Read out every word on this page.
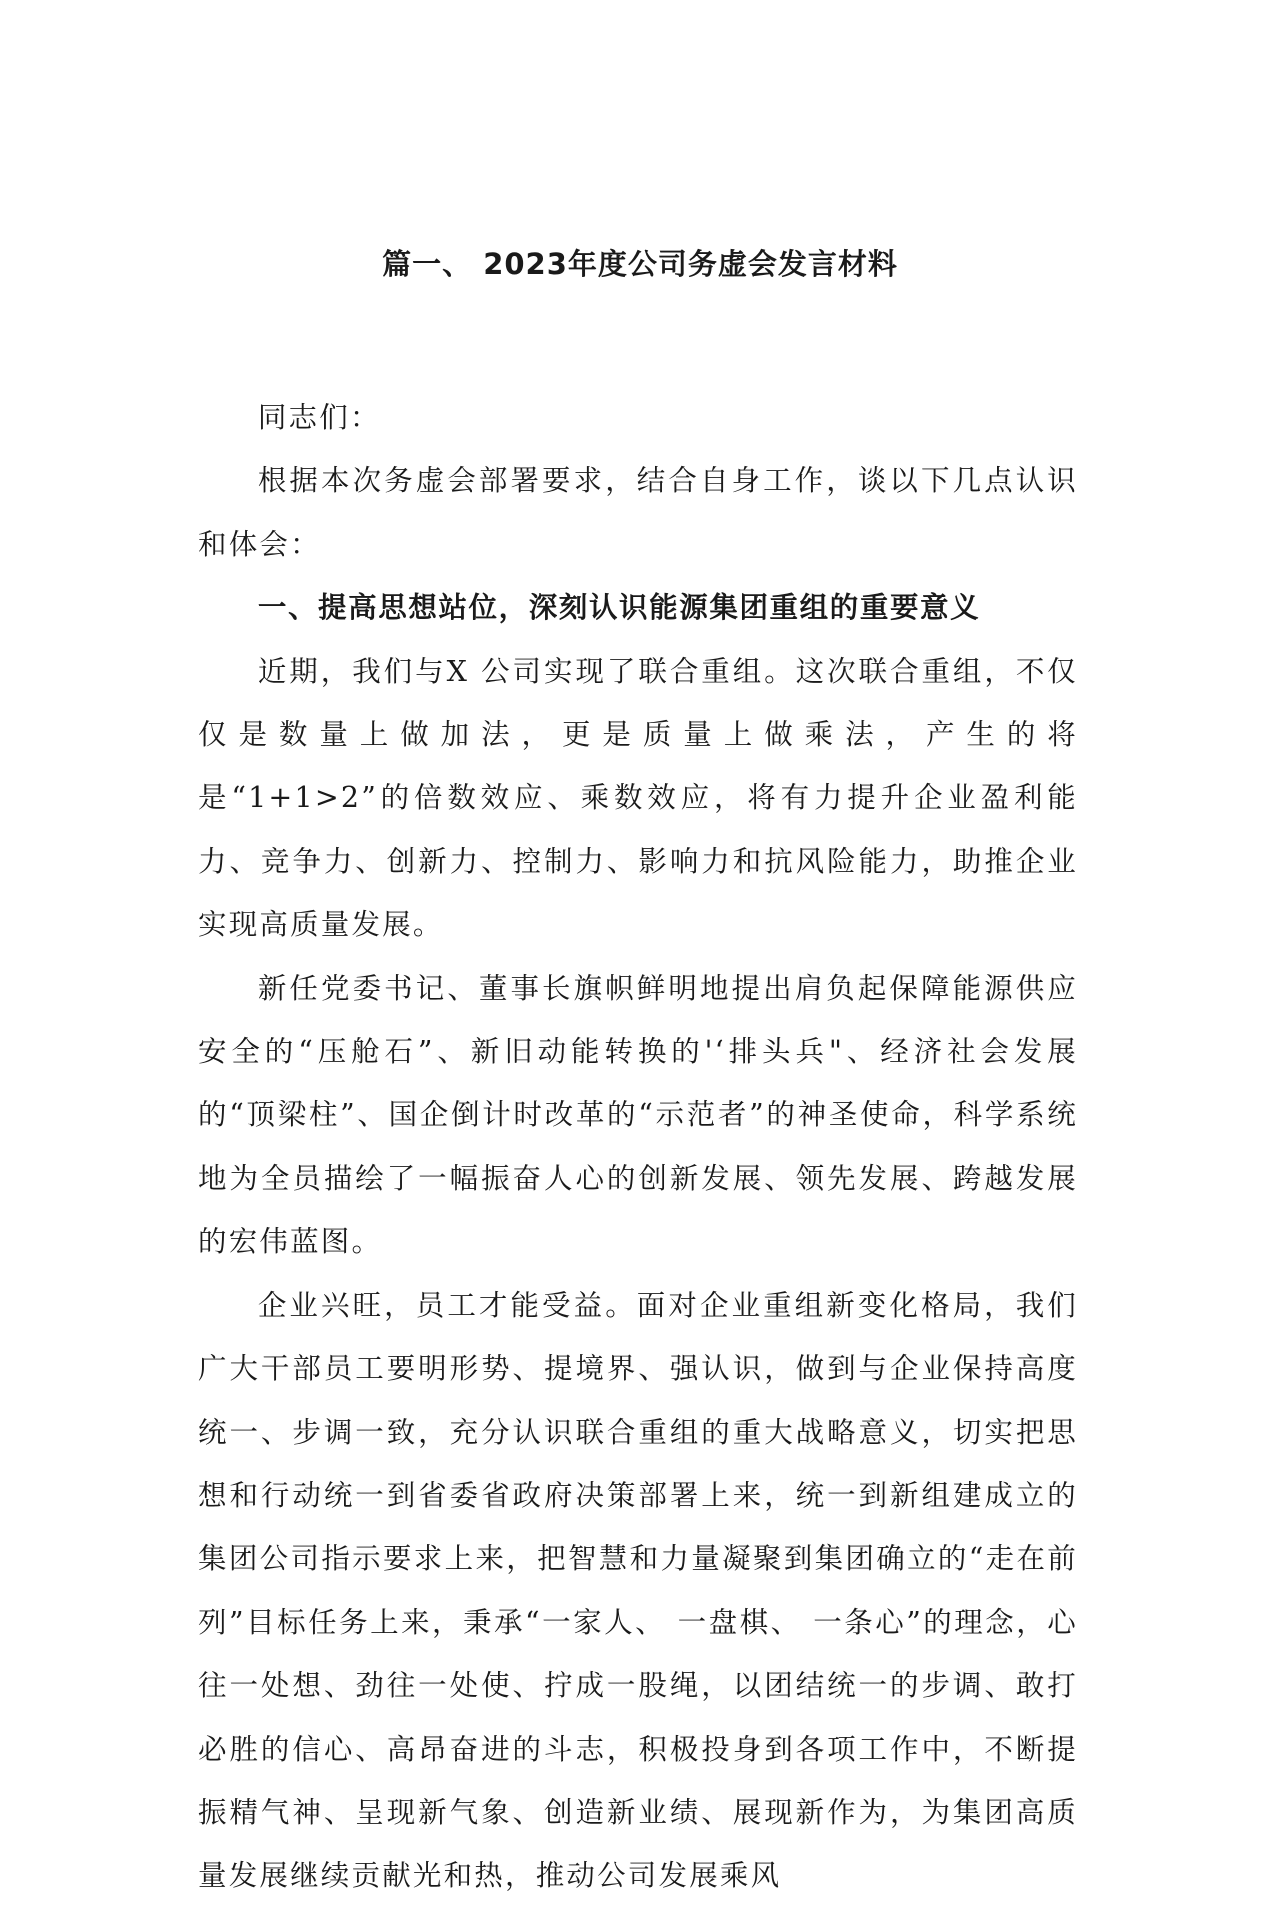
篇一、 2023年度公司务虚会发言材料

同志们：

根据本次务虚会部署要求，结合自身工作，谈以下几点认识和体会：

一、提高思想站位，深刻认识能源集团重组的重要意义

近期，我们与X 公司实现了联合重组。这次联合重组，不仅仅是数量上做加法，更是质量上做乘法，产生的将是“1+1>2”的倍数效应、乘数效应，将有力提升企业盈利能力、竞争力、创新力、控制力、影响力和抗风险能力，助推企业实现高质量发展。

新任党委书记、董事长旗帜鲜明地提出肩负起保障能源供应安全的“压舱石”、新旧动能转换的'‘排头兵"、经济社会发展的“顶梁柱”、国企倒计时改革的“示范者”的神圣使命，科学系统地为全员描绘了一幅振奋人心的创新发展、领先发展、跨越发展的宏伟蓝图。

企业兴旺，员工才能受益。面对企业重组新变化格局，我们广大干部员工要明形势、提境界、强认识，做到与企业保持高度统一、步调一致，充分认识联合重组的重大战略意义，切实把思想和行动统一到省委省政府决策部署上来，统一到新组建成立的集团公司指示要求上来，把智慧和力量凝聚到集团确立的“走在前列”目标任务上来，秉承“一家人、 一盘棋、 一条心”的理念，心往一处想、劲往一处使、拧成一股绳，以团结统一的步调、敢打必胜的信心、高昂奋进的斗志，积极投身到各项工作中，不断提振精气神、呈现新气象、创造新业绩、展现新作为，为集团高质量发展继续贡献光和热，推动公司发展乘风
